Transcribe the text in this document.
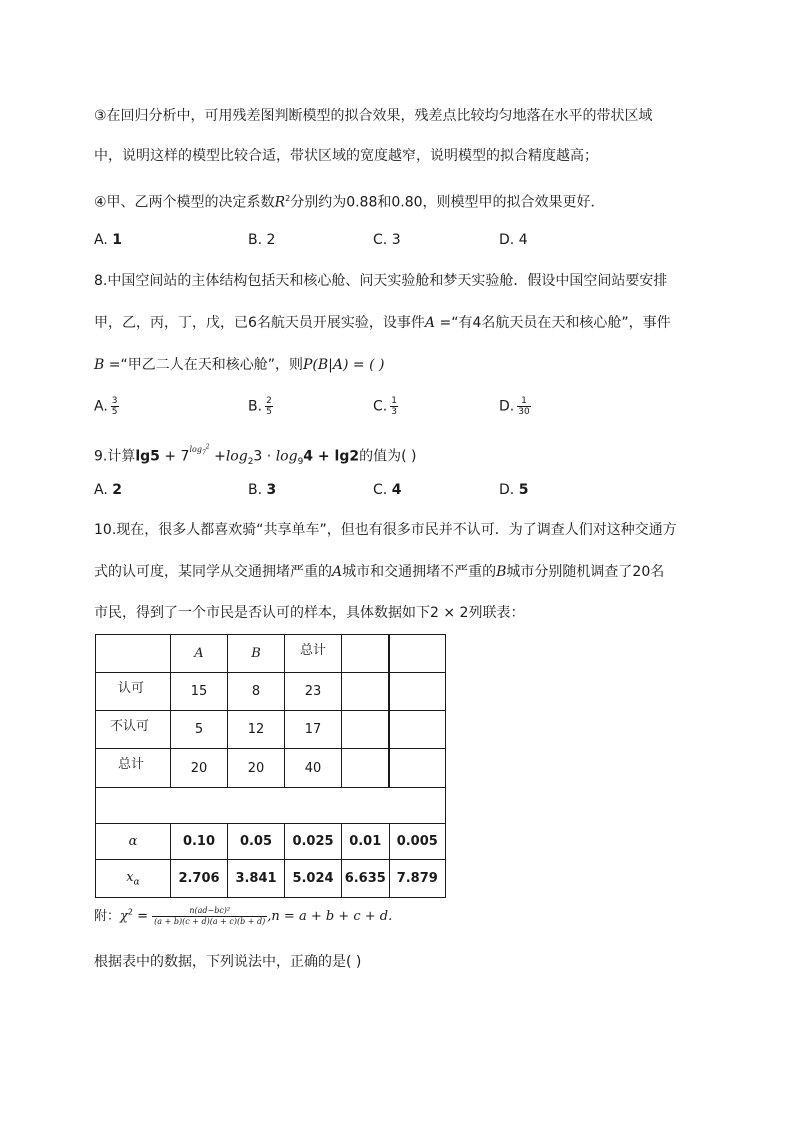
③在回归分析中，可用残差图判断模型的拟合效果，残差点比较均匀地落在水平的带状区域
中，说明这样的模型比较合适，带状区域的宽度越窄，说明模型的拟合精度越高；
④甲、乙两个模型的决定系数$R^2$分别约为0.88和0.80，则模型甲的拟合效果更好．
A. 1	B. 2	C. 3	D. 4
8.中国空间站的主体结构包括天和核心舱、问天实验舱和梦天实验舱．假设中国空间站要安排
甲，乙，丙，丁，戊，已6名航天员开展实验，设事件A =“有4名航天员在天和核心舱”，事件
B =“甲乙二人在天和核心舱”，则P(B|A) = ( )
A. $\frac{3}{5}$	B. $\frac{2}{5}$	C. $\frac{1}{3}$	D. $\frac{1}{30}$
9.计算$\lg 5 + 7^{log_7^2} +\log_23 \cdot \log_94 + \lg 2$的值为( )
A. 2	B. 3	C. 4	D. 5
10.现在，很多人都喜欢骑“共享单车”，但也有很多市民并不认可．为了调查人们对这种交通方
式的认可度，某同学从交通拥堵严重的A城市和交通拥堵不严重的B城市分别随机调查了20名
市民，得到了一个市民是否认可的样本，具体数据如下2 × 2列联表：
	A	B	总计		
认可	15	8	23		
不认可	5	12	17		
总计	20	20	40		

α	0.10	0.05	0.025	0.01	0.005
$x_\alpha$	2.706	3.841	5.024	6.635	7.879
附：$\chi^2 = \frac{\text{n(ad−bc)²}}{(a + b)(c + d)(a + c)(b + d)} ,n = a + b + c + d$.
根据表中的数据，下列说法中，正确的是( )
